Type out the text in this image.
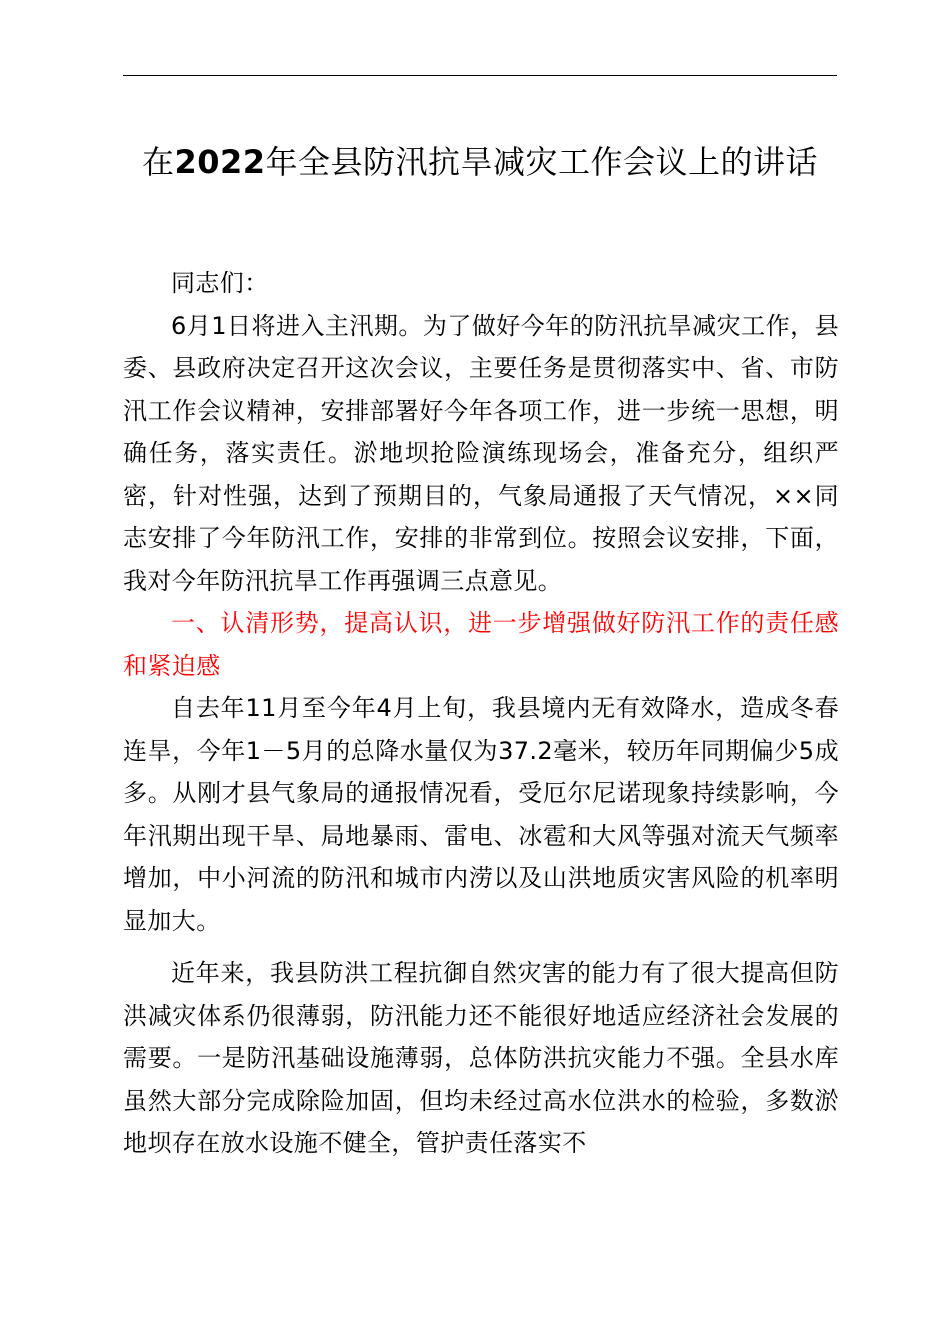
在2022年全县防汛抗旱减灾工作会议上的讲话

同志们：

6月1日将进入主汛期。为了做好今年的防汛抗旱减灾工作，县委、县政府决定召开这次会议，主要任务是贯彻落实中、省、市防汛工作会议精神，安排部署好今年各项工作，进一步统一思想，明确任务，落实责任。淤地坝抢险演练现场会，准备充分，组织严密，针对性强，达到了预期目的，气象局通报了天气情况，××同志安排了今年防汛工作，安排的非常到位。按照会议安排，下面，我对今年防汛抗旱工作再强调三点意见。

一、认清形势，提高认识，进一步增强做好防汛工作的责任感和紧迫感

自去年11月至今年4月上旬，我县境内无有效降水，造成冬春连旱，今年1－5月的总降水量仅为37.2毫米，较历年同期偏少5成多。从刚才县气象局的通报情况看，受厄尔尼诺现象持续影响，今年汛期出现干旱、局地暴雨、雷电、冰雹和大风等强对流天气频率增加，中小河流的防汛和城市内涝以及山洪地质灾害风险的机率明显加大。

近年来，我县防洪工程抗御自然灾害的能力有了很大提高但防洪减灾体系仍很薄弱，防汛能力还不能很好地适应经济社会发展的需要。一是防汛基础设施薄弱，总体防洪抗灾能力不强。全县水库虽然大部分完成除险加固，但均未经过高水位洪水的检验，多数淤地坝存在放水设施不健全，管护责任落实不
